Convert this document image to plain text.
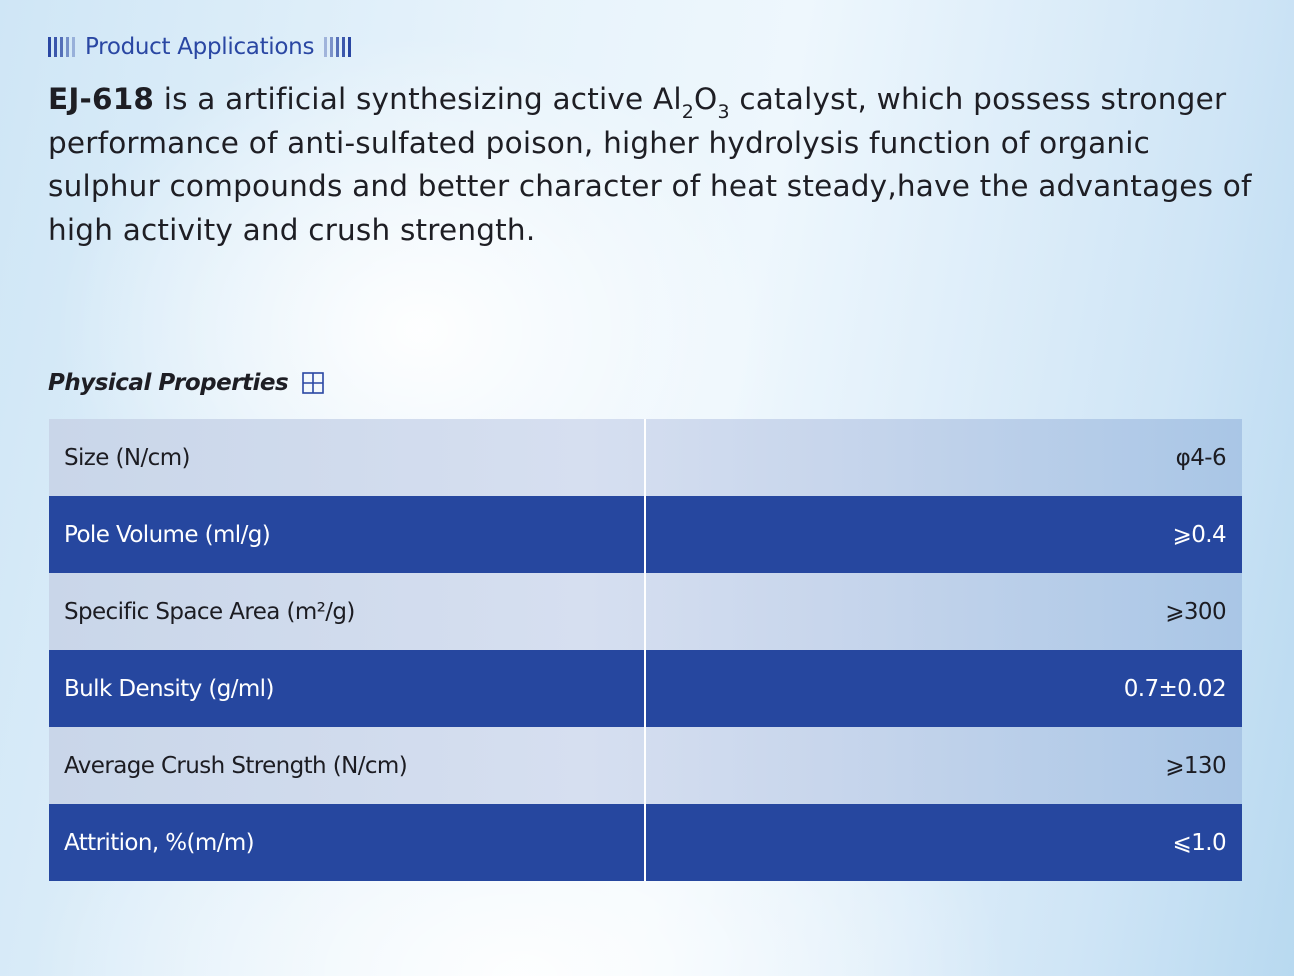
Product Applications

EJ-618 is a artificial synthesizing active $Al_2O_3$ catalyst, which possess stronger performance of anti-sulfated poison, higher hydrolysis function of organic sulphur compounds and better character of heat steady,have the advantages of high activity and crush strength.

Physical Properties
Size (N/cm)	φ4-6
Pole Volume (ml/g)	⩾0.4
Specific Space Area (m²/g)	⩾300
Bulk Density (g/ml)	0.7±0.02
Average Crush Strength (N/cm)	⩾130
Attrition, %(m/m)	⩽1.0
